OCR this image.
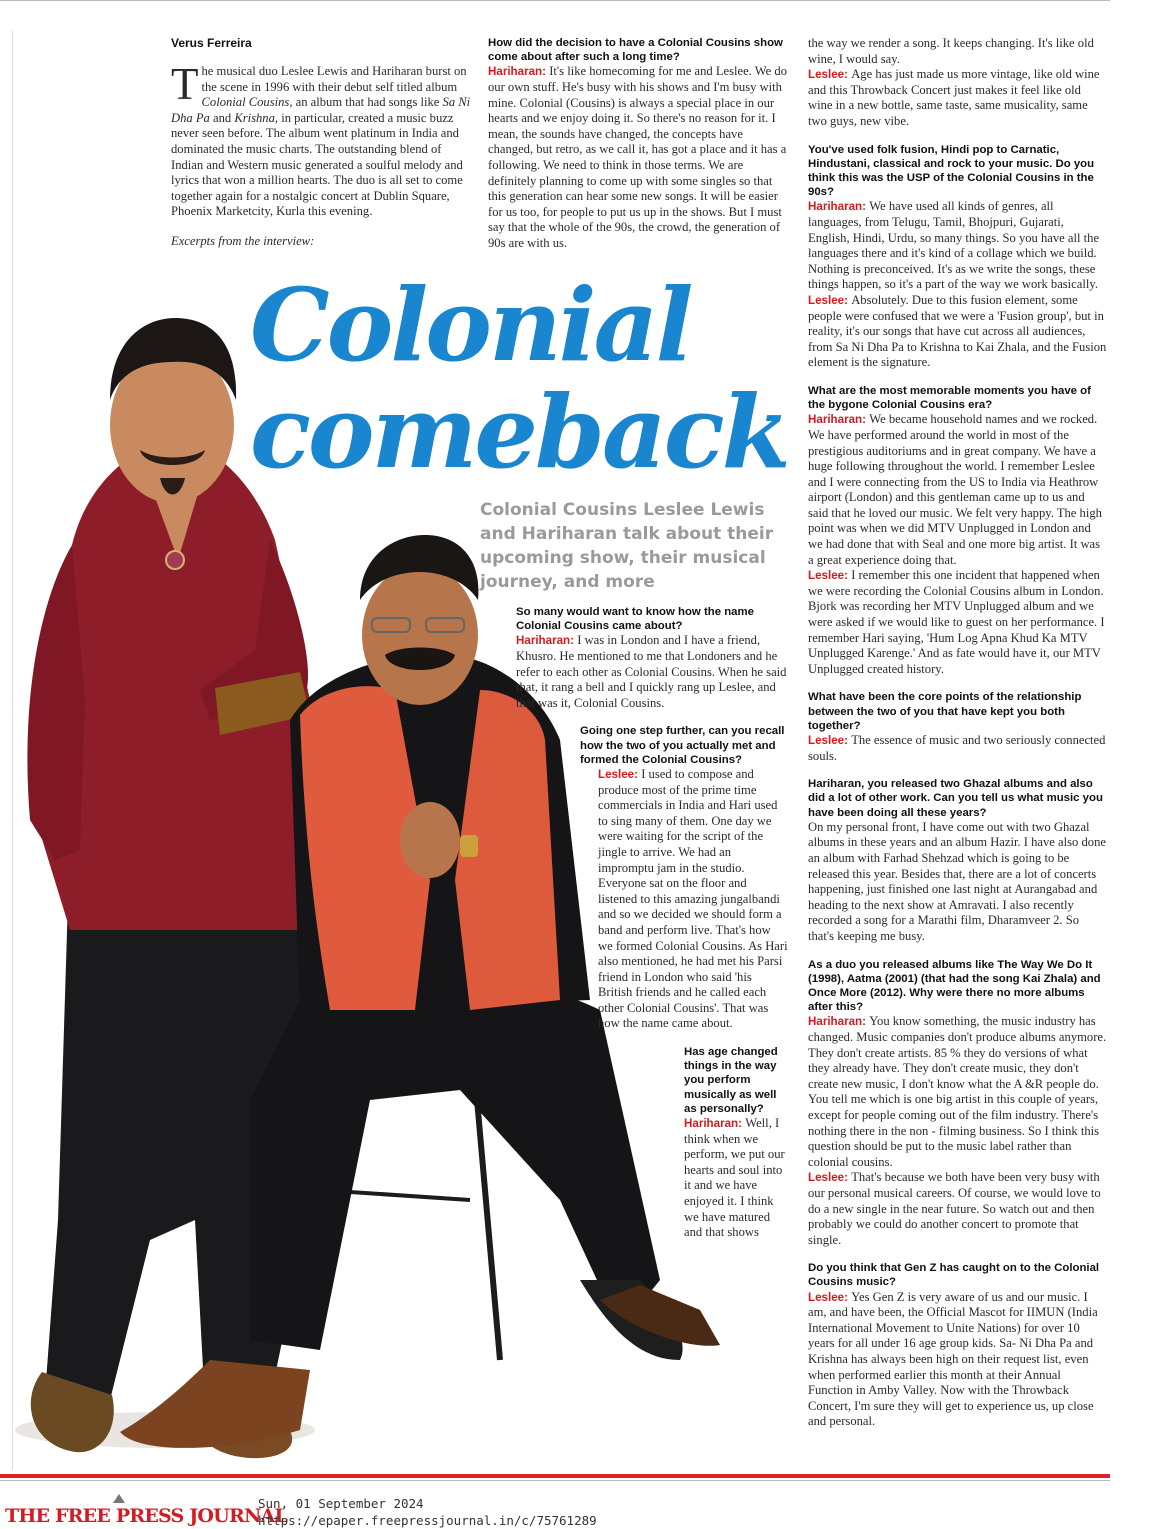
Verus Ferreira

The musical duo Leslee Lewis and Hariharan burst on the scene in 1996 with their debut self titled album Colonial Cousins, an album that had songs like Sa Ni Dha Pa and Krishna, in particular, created a music buzz never seen before. The album went platinum in India and dominated the music charts. The outstanding blend of Indian and Western music generated a soulful melody and lyrics that won a million hearts. The duo is all set to come together again for a nostalgic concert at Dublin Square, Phoenix Marketcity, Kurla this evening.

Excerpts from the interview:

How did the decision to have a Colonial Cousins show come about after such a long time?

Hariharan: It's like homecoming for me and Leslee. We do our own stuff. He's busy with his shows and I'm busy with mine. Colonial (Cousins) is always a special place in our hearts and we enjoy doing it. So there's no reason for it. I mean, the sounds have changed, the concepts have changed, but retro, as we call it, has got a place and it has a following. We need to think in those terms. We are definitely planning to come up with some singles so that this generation can hear some new songs. It will be easier for us too, for people to put us up in the shows. But I must say that the whole of the 90s, the crowd, the generation of 90s are with us.

the way we render a song. It keeps changing. It's like old wine, I would say.

Leslee: Age has just made us more vintage, like old wine and this Throwback Concert just makes it feel like old wine in a new bottle, same taste, same musicality, same two guys, new vibe.

You've used folk fusion, Hindi pop to Carnatic, Hindustani, classical and rock to your music. Do you think this was the USP of the Colonial Cousins in the 90s?

Hariharan: We have used all kinds of genres, all languages, from Telugu, Tamil, Bhojpuri, Gujarati, English, Hindi, Urdu, so many things. So you have all the languages there and it's kind of a collage which we build. Nothing is preconceived. It's as we write the songs, these things happen, so it's a part of the way we work basically.

Leslee: Absolutely. Due to this fusion element, some people were confused that we were a 'Fusion group', but in reality, it's our songs that have cut across all audiences, from Sa Ni Dha Pa to Krishna to Kai Zhala, and the Fusion element is the signature.

What are the most memorable moments you have of the bygone Colonial Cousins era?

Hariharan: We became household names and we rocked. We have performed around the world in most of the prestigious auditoriums and in great company. We have a huge following throughout the world. I remember Leslee and I were connecting from the US to India via Heathrow airport (London) and this gentleman came up to us and said that he loved our music. We felt very happy. The high point was when we did MTV Unplugged in London and we had done that with Seal and one more big artist. It was a great experience doing that.

Leslee: I remember this one incident that happened when we were recording the Colonial Cousins album in London. Bjork was recording her MTV Unplugged album and we were asked if we would like to guest on her performance. I remember Hari saying, 'Hum Log Apna Khud Ka MTV Unplugged Karenge.' And as fate would have it, our MTV Unplugged created history.

What have been the core points of the relationship between the two of you that have kept you both together?

Leslee: The essence of music and two seriously connected souls.

Hariharan, you released two Ghazal albums and also did a lot of other work. Can you tell us what music you have been doing all these years?

On my personal front, I have come out with two Ghazal albums in these years and an album Hazir. I have also done an album with Farhad Shehzad which is going to be released this year. Besides that, there are a lot of concerts happening, just finished one last night at Aurangabad and heading to the next show at Amravati. I also recently recorded a song for a Marathi film, Dharamveer 2. So that's keeping me busy.

As a duo you released albums like The Way We Do It (1998), Aatma (2001) (that had the song Kai Zhala) and Once More (2012). Why were there no more albums after this?

Hariharan: You know something, the music industry has changed. Music companies don't produce albums anymore. They don't create artists. 85 % they do versions of what they already have. They don't create music, they don't create new music, I don't know what the A &R people do. You tell me which is one big artist in this couple of years, except for people coming out of the film industry. There's nothing there in the non - filming business. So I think this question should be put to the music label rather than colonial cousins.

Leslee: That's because we both have been very busy with our personal musical careers. Of course, we would love to do a new single in the near future. So watch out and then probably we could do another concert to promote that single.

Do you think that Gen Z has caught on to the Colonial Cousins music?

Leslee: Yes Gen Z is very aware of us and our music. I am, and have been, the Official Mascot for IIMUN (India International Movement to Unite Nations) for over 10 years for all under 16 age group kids. Sa- Ni Dha Pa and Krishna has always been high on their request list, even when performed earlier this month at their Annual Function in Amby Valley. Now with the Throwback Concert, I'm sure they will get to experience us, up close and personal.

Colonial
comeback
Colonial Cousins Leslee Lewis and Hariharan talk about their upcoming show, their musical journey, and more

So many would want to know how the name Colonial Cousins came about?

Hariharan: I was in London and I have a friend, Khusro. He mentioned to me that Londoners and he refer to each other as Colonial Cousins. When he said that, it rang a bell and I quickly rang up Leslee, and that was it, Colonial Cousins.

Going one step further, can you recall how the two of you actually met and formed the Colonial Cousins?

Leslee: I used to compose and produce most of the prime time commercials in India and Hari used to sing many of them. One day we were waiting for the script of the jingle to arrive. We had an impromptu jam in the studio. Everyone sat on the floor and listened to this amazing jungalbandi and so we decided we should form a band and perform live. That's how we formed Colonial Cousins. As Hari also mentioned, he had met his Parsi friend in London who said 'his British friends and he called each other Colonial Cousins'. That was how the name came about.

Has age changed things in the way you perform musically as well as personally?

Hariharan: Well, I think when we perform, we put our hearts and soul into it and we have enjoyed it. I think we have matured and that shows

THE FREE PRESS JOURNAL
Sun, 01 September 2024
https://epaper.freepressjournal.in/c/75761289
